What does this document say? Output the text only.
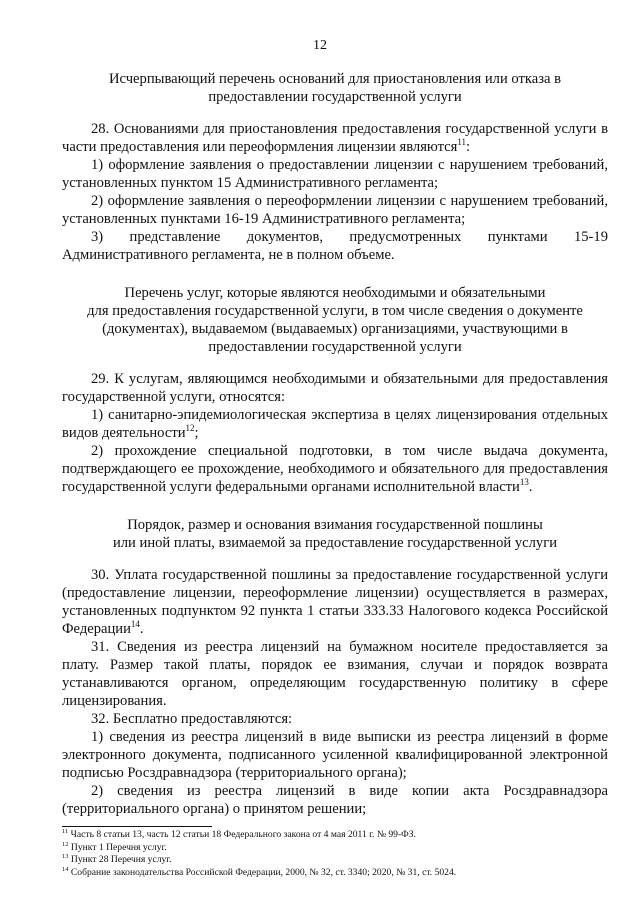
12

Исчерпывающий перечень оснований для приостановления или отказа в
предоставлении государственной услуги

28. Основаниями для приостановления предоставления государственной услуги в части предоставления или переоформления лицензии являются$^{11}$:

1) оформление заявления о предоставлении лицензии с нарушением требований, установленных пунктом 15 Административного регламента;

2) оформление заявления о переоформлении лицензии с нарушением требований, установленных пунктами 16-19 Административного регламента;

3) представление документов, предусмотренных пунктами 15-19 Административного регламента, не в полном объеме.

Перечень услуг, которые являются необходимыми и обязательными
для предоставления государственной услуги, в том числе сведения о документе
(документах), выдаваемом (выдаваемых) организациями, участвующими в
предоставлении государственной услуги

29. К услугам, являющимся необходимыми и обязательными для предоставления государственной услуги, относятся:

1) санитарно-эпидемиологическая экспертиза в целях лицензирования отдельных видов деятельности$^{12}$;

2) прохождение специальной подготовки, в том числе выдача документа, подтверждающего ее прохождение, необходимого и обязательного для предоставления государственной услуги федеральными органами исполнительной власти$^{13}$.

Порядок, размер и основания взимания государственной пошлины
или иной платы, взимаемой за предоставление государственной услуги

30. Уплата государственной пошлины за предоставление государственной услуги (предоставление лицензии, переоформление лицензии) осуществляется в размерах, установленных подпунктом 92 пункта 1 статьи 333.33 Налогового кодекса Российской Федерации$^{14}$.

31. Сведения из реестра лицензий на бумажном носителе предоставляется за плату. Размер такой платы, порядок ее взимания, случаи и порядок возврата устанавливаются органом, определяющим государственную политику в сфере лицензирования.

32. Бесплатно предоставляются:

1) сведения из реестра лицензий в виде выписки из реестра лицензий в форме электронного документа, подписанного усиленной квалифицированной электронной подписью Росздравнадзора (территориального органа);

2) сведения из реестра лицензий в виде копии акта Росздравнадзора (территориального органа) о принятом решении;

$^{11}$ Часть 8 статьи 13, часть 12 статьи 18 Федерального закона от 4 мая 2011 г. № 99-ФЗ.
$^{12}$ Пункт 1 Перечня услуг.
$^{13}$ Пункт 28 Перечня услуг.
$^{14}$ Собрание законодательства Российской Федерации, 2000, № 32, ст. 3340; 2020, № 31, ст. 5024.
